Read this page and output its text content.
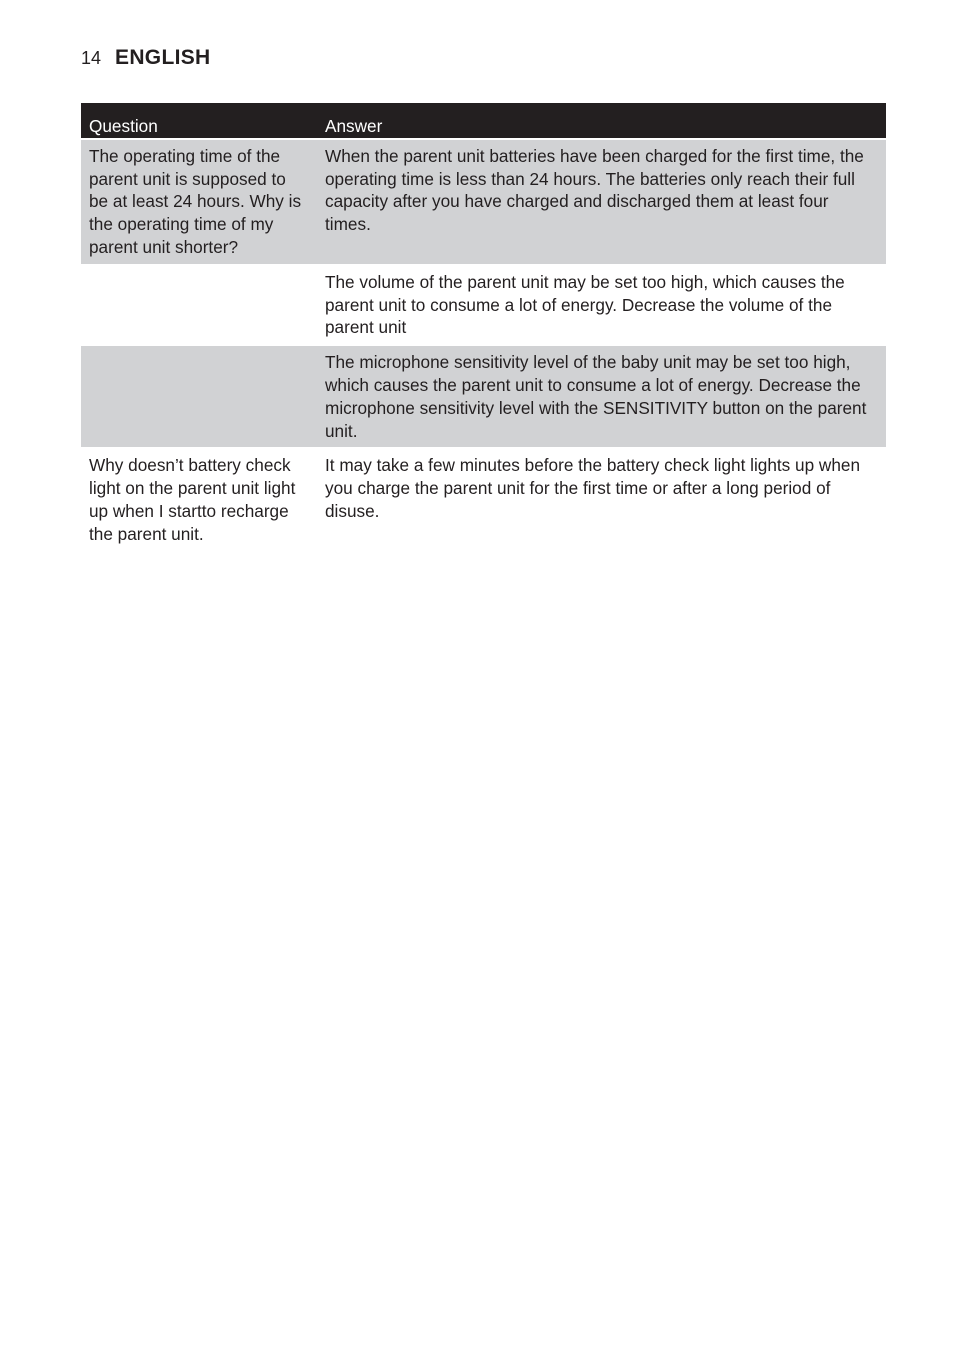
14 ENGLISH
Question	Answer
The operating time of the parent unit is supposed to be at least 24 hours. Why is the operating time of my parent unit shorter?	When the parent unit batteries have been charged for the first time, the operating time is less than 24 hours. The batteries only reach their full capacity after you have charged and discharged them at least four times.
	The volume of the parent unit may be set too high, which causes the parent unit to consume a lot of energy. Decrease the volume of the parent unit
	The microphone sensitivity level of the baby unit may be set too high, which causes the parent unit to consume a lot of energy. Decrease the microphone sensitivity level with the SENSITIVITY button on the parent unit.
Why doesn’t battery check light on the parent unit light up when I startto recharge the parent unit.	It may take a few minutes before the battery check light lights up when you charge the parent unit for the first time or after a long period of disuse.
